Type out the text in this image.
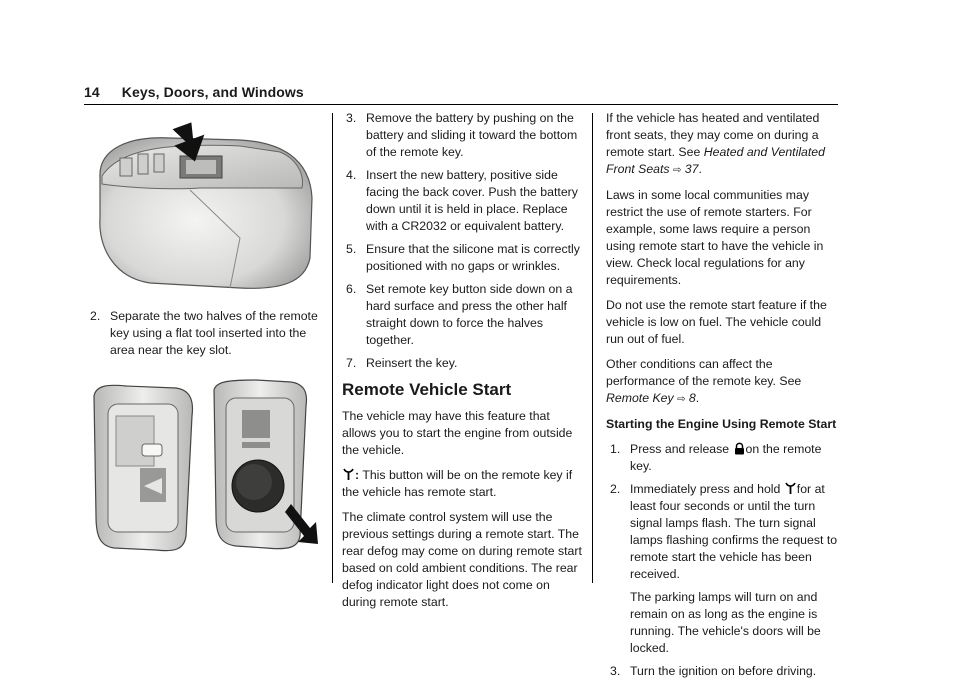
14 Keys, Doors, and Windows
2. Separate the two halves of the remote key using a flat tool inserted into the area near the key slot.
3. Remove the battery by pushing on the battery and sliding it toward the bottom of the remote key.
4. Insert the new battery, positive side facing the back cover. Push the battery down until it is held in place. Replace with a CR2032 or equivalent battery.
5. Ensure that the silicone mat is correctly positioned with no gaps or wrinkles.
6. Set remote key button side down on a hard surface and press the other half straight down to force the halves together.
7. Reinsert the key.
Remote Vehicle Start

The vehicle may have this feature that allows you to start the engine from outside the vehicle.

: This button will be on the remote key if the vehicle has remote start.

The climate control system will use the previous settings during a remote start. The rear defog may come on during remote start based on cold ambient conditions. The rear defog indicator light does not come on during remote start.

If the vehicle has heated and ventilated front seats, they may come on during a remote start. See Heated and Ventilated Front Seats ⇨ 37.

Laws in some local communities may restrict the use of remote starters. For example, some laws require a person using remote start to have the vehicle in view. Check local regulations for any requirements.

Do not use the remote start feature if the vehicle is low on fuel. The vehicle could run out of fuel.

Other conditions can affect the performance of the remote key. See Remote Key ⇨ 8.

Starting the Engine Using Remote Start

1. Press and release on the remote key.
2. Immediately press and hold for at least four seconds or until the turn signal lamps flash. The turn signal lamps flashing confirms the request to remote start the vehicle has been received.
The parking lamps will turn on and remain on as long as the engine is running. The vehicle's doors will be locked.
3. Turn the ignition on before driving.
